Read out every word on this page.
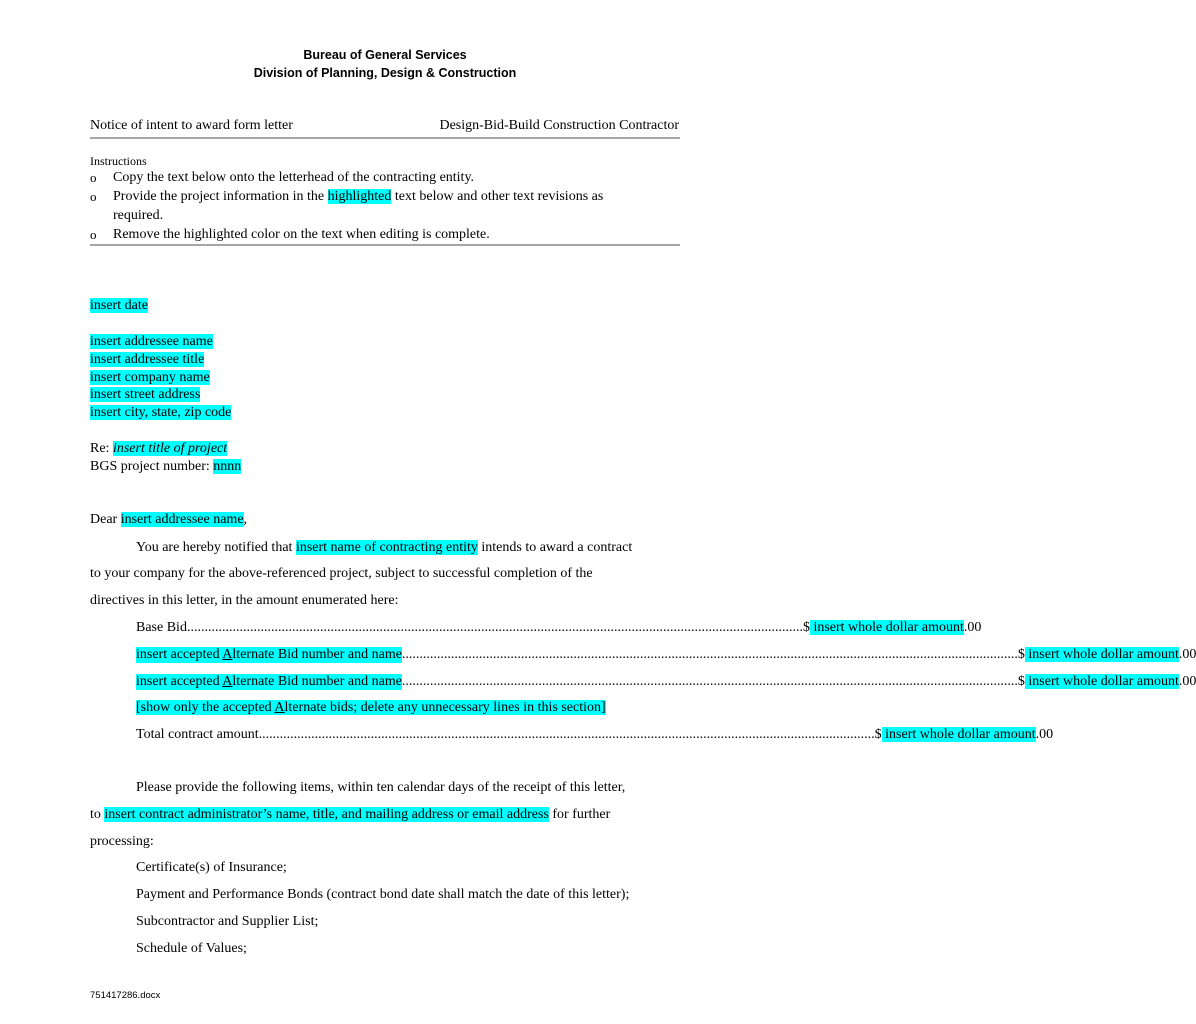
Bureau of General Services
Division of Planning, Design & Construction
Notice of intent to award form letter	Design-Bid-Build Construction Contractor
Instructions
o Copy the text below onto the letterhead of the contracting entity.
o Provide the project information in the highlighted text below and other text revisions as
required.
o Remove the highlighted color on the text when editing is complete.
insert date
insert addressee name
insert addressee title
insert company name
insert street address
insert city, state, zip code
Re: insert title of project
BGS project number: nnnn
Dear insert addressee name,
You are hereby notified that insert name of contracting entity intends to award a contract
to your company for the above-referenced project, subject to successful completion of the
directives in this letter, in the amount enumerated here:
Base Bid ................................................................................................................................................................................ $ insert whole dollar amount.00
insert accepted Alternate Bid number and name ................................................................................................................................................................................ $ insert whole dollar amount.00
insert accepted Alternate Bid number and name ................................................................................................................................................................................ $ insert whole dollar amount.00
[show only the accepted Alternate bids; delete any unnecessary lines in this section]
Total contract amount ................................................................................................................................................................................ $ insert whole dollar amount.00
Please provide the following items, within ten calendar days of the receipt of this letter,
to insert contract administrator’s name, title, and mailing address or email address for further
processing:
Certificate(s) of Insurance;
Payment and Performance Bonds (contract bond date shall match the date of this letter);
Subcontractor and Supplier List;
Schedule of Values;
751417286.docx
